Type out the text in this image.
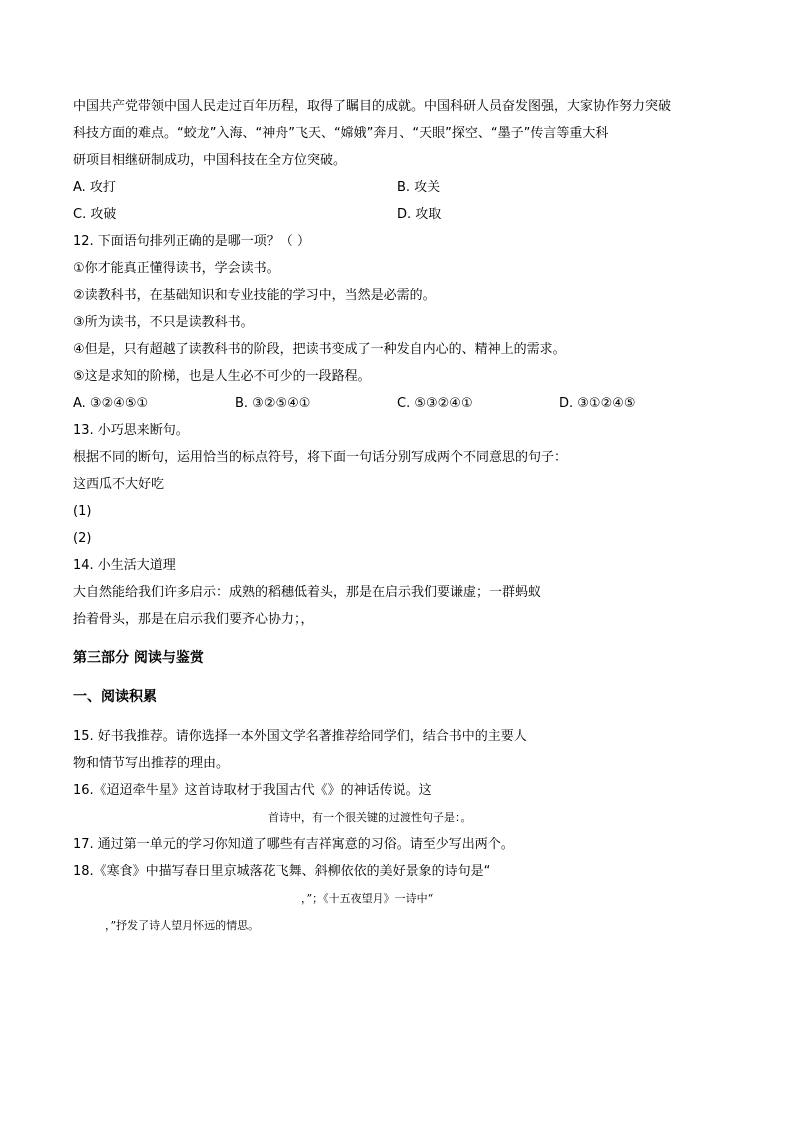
中国共产党带领中国人民走过百年历程，取得了瞩目的成就。中国科研人员奋发图强，大家协作努力突破

科技方面的难点。“蛟龙”入海、“神舟”飞天、“嫦娥”奔月、“天眼”探空、“墨子”传言等重大科

研项目相继研制成功，中国科技在全方位突破。

A. 攻打	B. 攻关
C. 攻破	D. 攻取

12. 下面语句排列正确的是哪一项？（ ）

①你才能真正懂得读书，学会读书。

②读教科书，在基础知识和专业技能的学习中，当然是必需的。

③所为读书，不只是读教科书。

④但是，只有超越了读教科书的阶段，把读书变成了一种发自内心的、精神上的需求。

⑤这是求知的阶梯，也是人生必不可少的一段路程。

A. ③②④⑤①	B. ③②⑤④①	C. ⑤③②④①	D. ③①②④⑤

13. 小巧思来断句。

根据不同的断句，运用恰当的标点符号，将下面一句话分别写成两个不同意思的句子：

这西瓜不大好吃

(1)

(2)

14. 小生活大道理

大自然能给我们许多启示：成熟的稻穗低着头，那是在启示我们要谦虚；一群蚂蚁

抬着骨头，那是在启示我们要齐心协力；，

第三部分 阅读与鉴赏

一、阅读积累

15. 好书我推荐。请你选择一本外国文学名著推荐给同学们，结合书中的主要人

物和情节写出推荐的理由。

16.《迢迢牵牛星》这首诗取材于我国古代《》的神话传说。这

首诗中，有一个很关键的过渡性句子是：。

17. 通过第一单元的学习你知道了哪些有吉祥寓意的习俗。请至少写出两个。

18.《寒食》中描写春日里京城落花飞舞、斜柳依依的美好景象的诗句是“

，”；《十五夜望月》一诗中“

，”抒发了诗人望月怀远的情思。
